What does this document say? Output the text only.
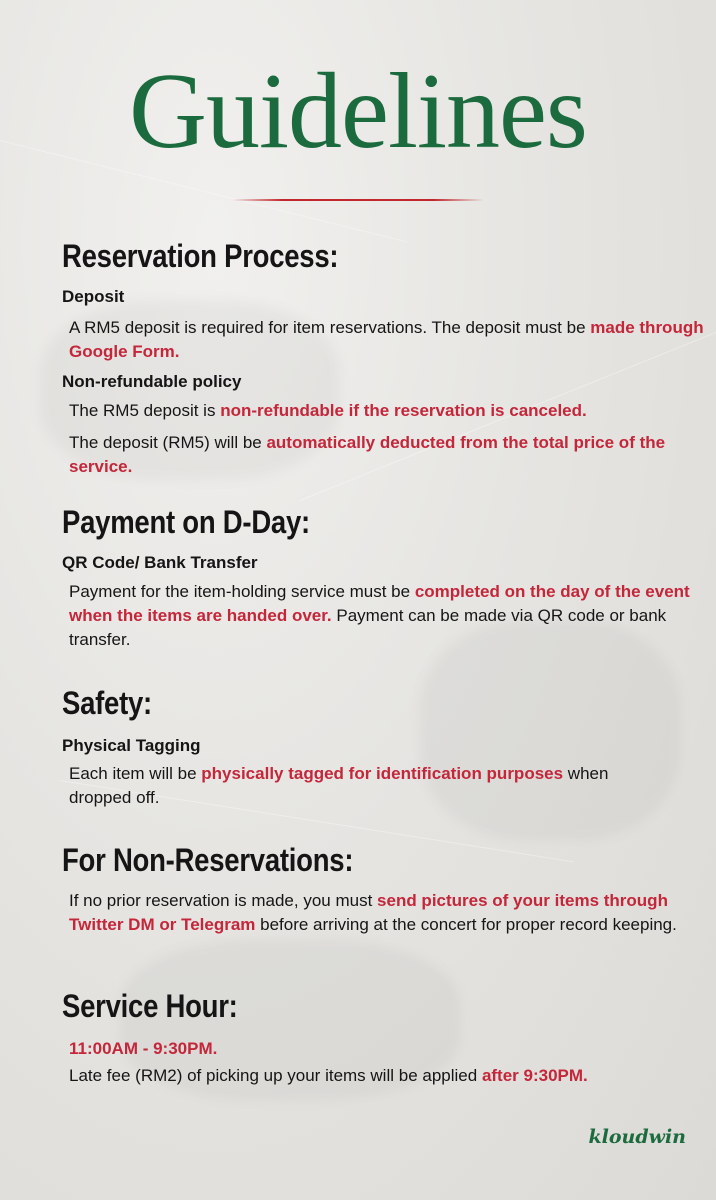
Guidelines
Reservation Process:
Deposit
A RM5 deposit is required for item reservations. The deposit must be made through Google Form.
Non-refundable policy
The RM5 deposit is non-refundable if the reservation is canceled.
The deposit (RM5) will be automatically deducted from the total price of the service.
Payment on D-Day:
QR Code/ Bank Transfer
Payment for the item-holding service must be completed on the day of the event when the items are handed over. Payment can be made via QR code or bank transfer.
Safety:
Physical Tagging
Each item will be physically tagged for identification purposes when dropped off.
For Non-Reservations:
If no prior reservation is made, you must send pictures of your items through Twitter DM or Telegram before arriving at the concert for proper record keeping.
Service Hour:
11:00AM - 9:30PM.
Late fee (RM2) of picking up your items will be applied after 9:30PM.
kloudwin
